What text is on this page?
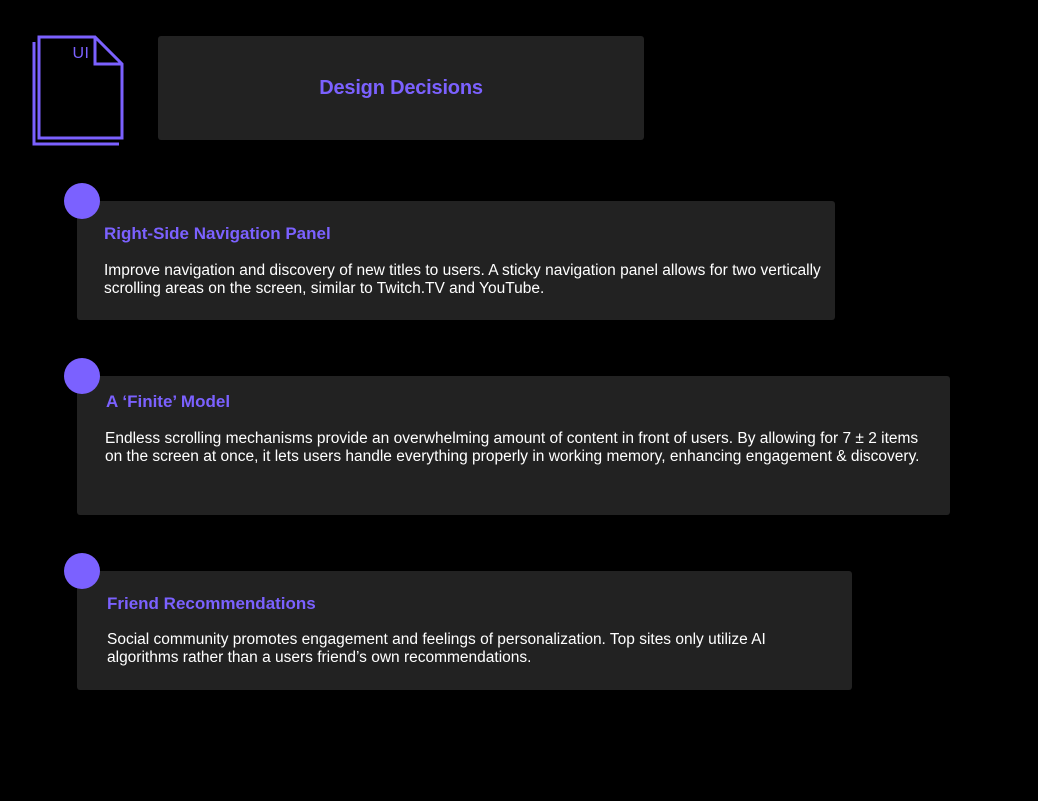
UI
Design Decisions
Right-Side Navigation Panel
Improve navigation and discovery of new titles to users. A sticky navigation panel allows for two vertically scrolling areas on the screen, similar to Twitch.TV and YouTube.
A ‘Finite’ Model
Endless scrolling mechanisms provide an overwhelming amount of content in front of users. By allowing for 7 ± 2 items on the screen at once, it lets users handle everything properly in working memory, enhancing engagement & discovery.
Friend Recommendations
Social community promotes engagement and feelings of personalization. Top sites only utilize AI algorithms rather than a users friend’s own recommendations.
